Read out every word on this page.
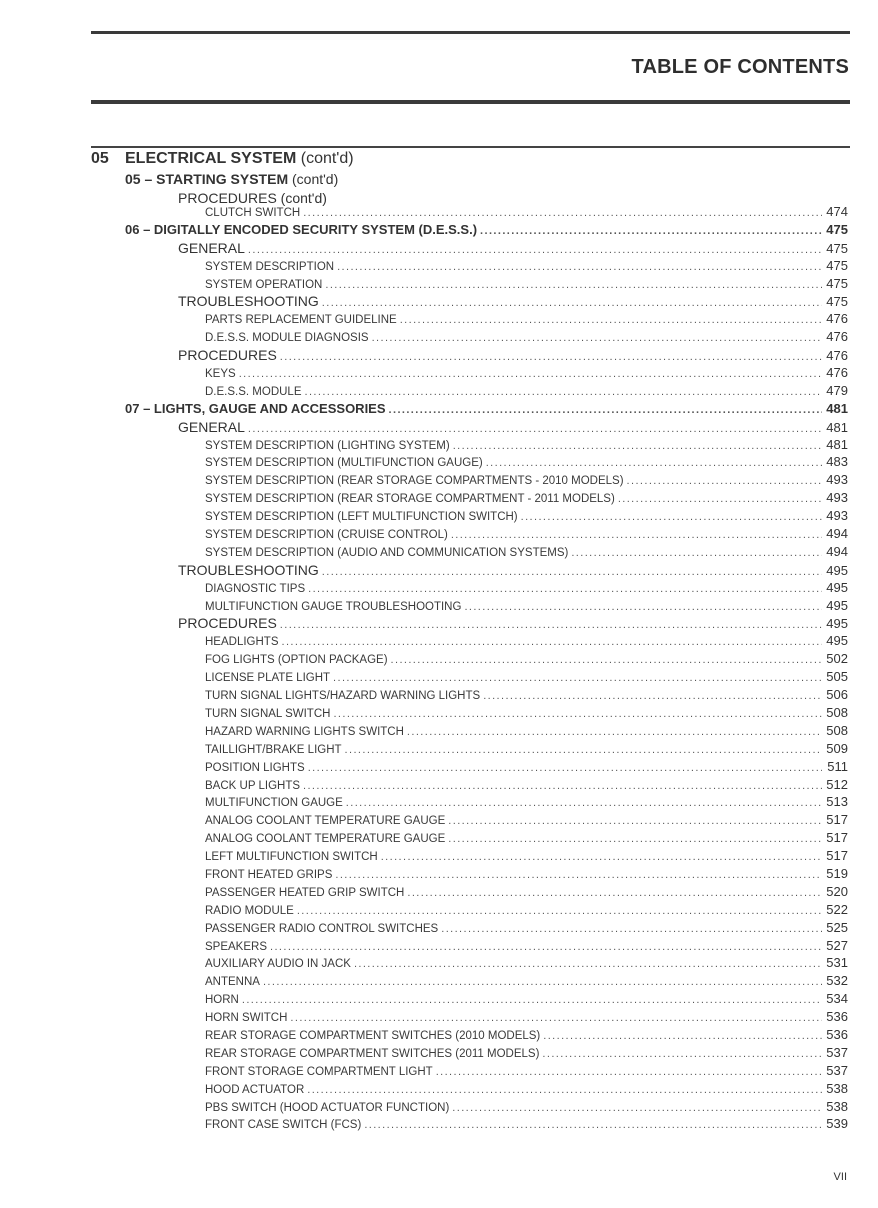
TABLE OF CONTENTS
05 ELECTRICAL SYSTEM (cont'd)
05 – STARTING SYSTEM (cont'd)
PROCEDURES (cont'd)
CLUTCH SWITCH .....	474
06 – DIGITALLY ENCODED SECURITY SYSTEM (D.E.S.S.) .....	475
GENERAL .....	475
SYSTEM DESCRIPTION .....	475
SYSTEM OPERATION .....	475
TROUBLESHOOTING .....	475
PARTS REPLACEMENT GUIDELINE .....	476
D.E.S.S. MODULE DIAGNOSIS .....	476
PROCEDURES .....	476
KEYS .....	476
D.E.S.S. MODULE .....	479
07 – LIGHTS, GAUGE AND ACCESSORIES .....	481
GENERAL .....	481
SYSTEM DESCRIPTION (LIGHTING SYSTEM) .....	481
SYSTEM DESCRIPTION (MULTIFUNCTION GAUGE) .....	483
SYSTEM DESCRIPTION (REAR STORAGE COMPARTMENTS - 2010 MODELS) .....	493
SYSTEM DESCRIPTION (REAR STORAGE COMPARTMENT - 2011 MODELS) .....	493
SYSTEM DESCRIPTION (LEFT MULTIFUNCTION SWITCH) .....	493
SYSTEM DESCRIPTION (CRUISE CONTROL) .....	494
SYSTEM DESCRIPTION (AUDIO AND COMMUNICATION SYSTEMS) .....	494
TROUBLESHOOTING .....	495
DIAGNOSTIC TIPS .....	495
MULTIFUNCTION GAUGE TROUBLESHOOTING .....	495
PROCEDURES .....	495
HEADLIGHTS .....	495
FOG LIGHTS (OPTION PACKAGE) .....	502
LICENSE PLATE LIGHT .....	505
TURN SIGNAL LIGHTS/HAZARD WARNING LIGHTS .....	506
TURN SIGNAL SWITCH .....	508
HAZARD WARNING LIGHTS SWITCH .....	508
TAILLIGHT/BRAKE LIGHT .....	509
POSITION LIGHTS .....	511
BACK UP LIGHTS .....	512
MULTIFUNCTION GAUGE .....	513
ANALOG COOLANT TEMPERATURE GAUGE .....	517
ANALOG COOLANT TEMPERATURE GAUGE .....	517
LEFT MULTIFUNCTION SWITCH .....	517
FRONT HEATED GRIPS .....	519
PASSENGER HEATED GRIP SWITCH .....	520
RADIO MODULE .....	522
PASSENGER RADIO CONTROL SWITCHES .....	525
SPEAKERS .....	527
AUXILIARY AUDIO IN JACK .....	531
ANTENNA .....	532
HORN .....	534
HORN SWITCH .....	536
REAR STORAGE COMPARTMENT SWITCHES (2010 MODELS) .....	536
REAR STORAGE COMPARTMENT SWITCHES (2011 MODELS) .....	537
FRONT STORAGE COMPARTMENT LIGHT .....	537
HOOD ACTUATOR .....	538
PBS SWITCH (HOOD ACTUATOR FUNCTION) .....	538
FRONT CASE SWITCH (FCS) .....	539
VII
